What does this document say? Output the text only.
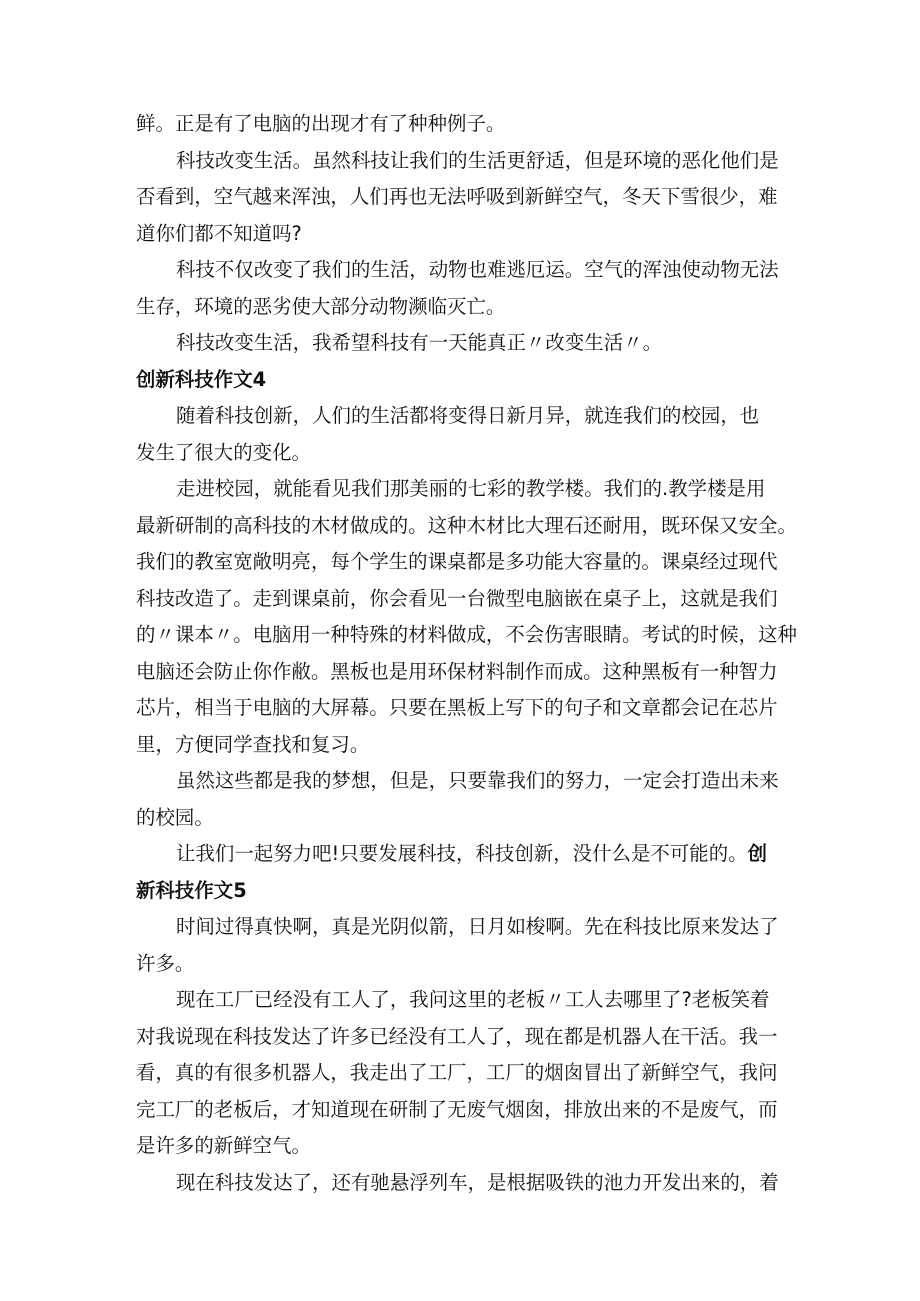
鲜。正是有了电脑的出现才有了种种例子。
科技改变生活。虽然科技让我们的生活更舒适，但是环境的恶化他们是
否看到，空气越来浑浊，人们再也无法呼吸到新鲜空气，冬天下雪很少，难
道你们都不知道吗?
科技不仅改变了我们的生活，动物也难逃厄运。空气的浑浊使动物无法
生存，环境的恶劣使大部分动物濒临灭亡。
科技改变生活，我希望科技有一天能真正〃改变生活〃。
创新科技作文4
随着科技创新，人们的生活都将变得日新月异，就连我们的校园，也
发生了很大的变化。
走进校园，就能看见我们那美丽的七彩的教学楼。我们的.教学楼是用
最新研制的高科技的木材做成的。这种木材比大理石还耐用，既环保又安全。
我们的教室宽敞明亮，每个学生的课桌都是多功能大容量的。课桌经过现代
科技改造了。走到课桌前，你会看见一台微型电脑嵌在桌子上，这就是我们
的〃课本〃。电脑用一种特殊的材料做成，不会伤害眼睛。考试的时候，这种
电脑还会防止你作敝。黑板也是用环保材料制作而成。这种黑板有一种智力
芯片，相当于电脑的大屏幕。只要在黑板上写下的句子和文章都会记在芯片
里，方便同学查找和复习。
虽然这些都是我的梦想，但是，只要靠我们的努力，一定会打造出未来
的校园。
让我们一起努力吧!只要发展科技，科技创新，没什么是不可能的。创
新科技作文5
时间过得真快啊，真是光阴似箭，日月如梭啊。先在科技比原来发达了
许多。
现在工厂已经没有工人了，我问这里的老板〃工人去哪里了?老板笑着
对我说现在科技发达了许多已经没有工人了，现在都是机器人在干活。我一
看，真的有很多机器人，我走出了工厂，工厂的烟囱冒出了新鲜空气，我问
完工厂的老板后，才知道现在研制了无废气烟囱，排放出来的不是废气，而
是许多的新鲜空气。
现在科技发达了，还有驰悬浮列车，是根据吸铁的池力开发出来的，着
